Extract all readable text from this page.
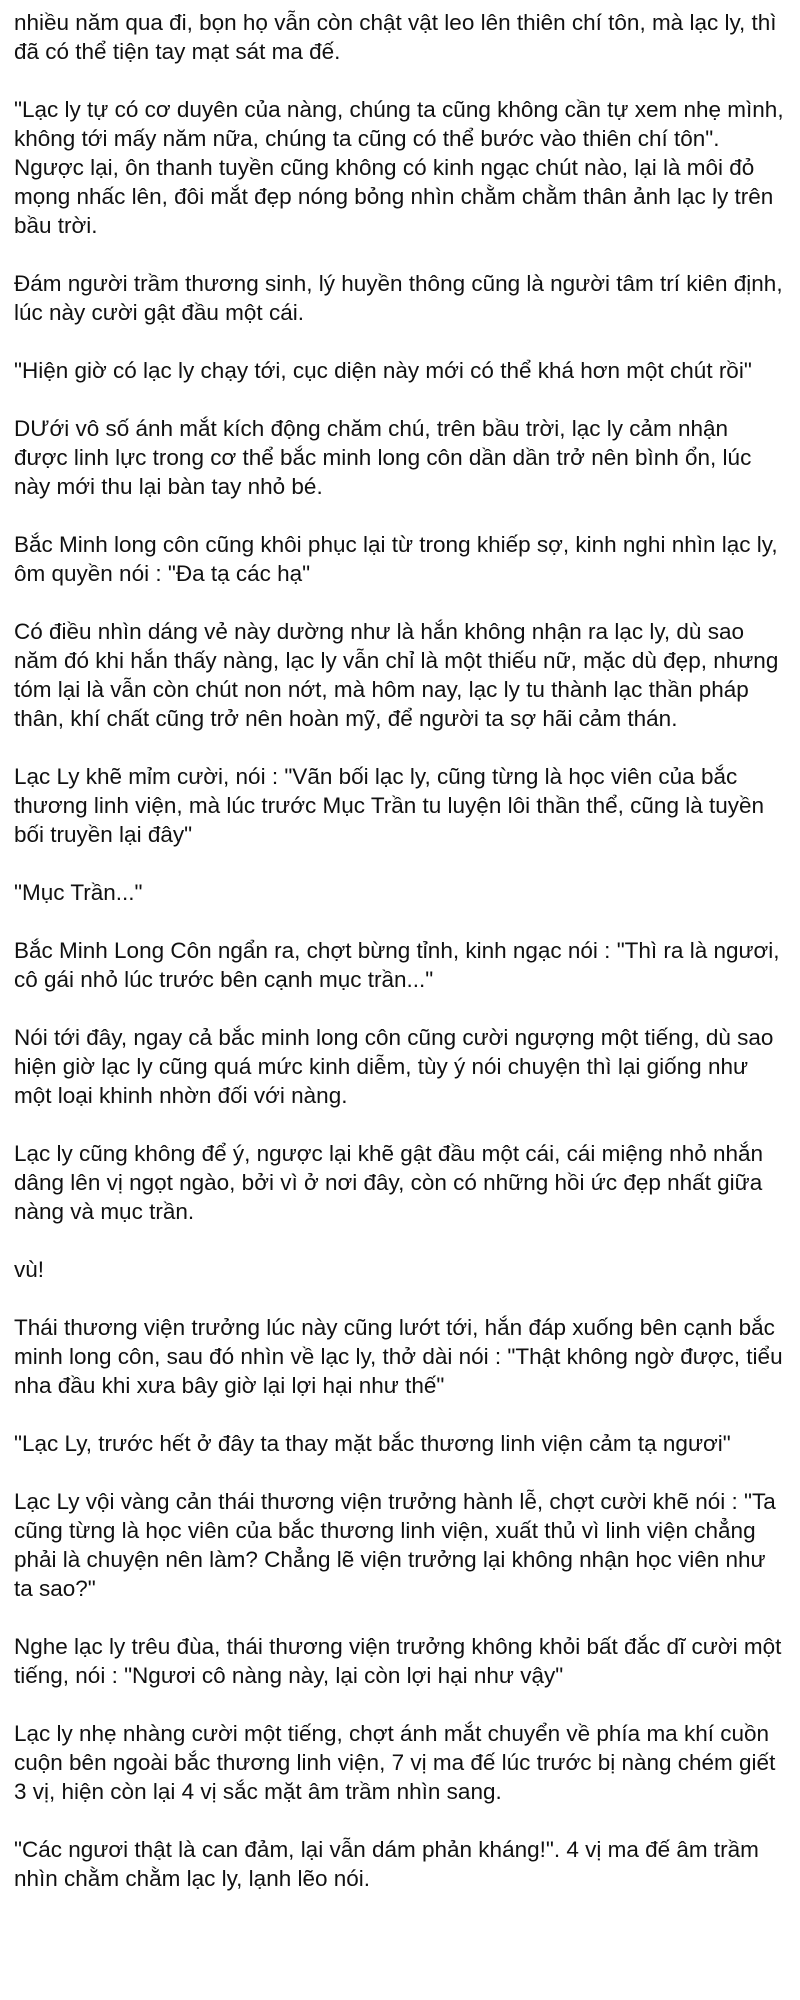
nhiều năm qua đi, bọn họ vẫn còn chật vật leo lên thiên chí tôn, mà lạc ly, thì đã có thể tiện tay mạt sát ma đế.

"Lạc ly tự có cơ duyên của nàng, chúng ta cũng không cần tự xem nhẹ mình, không tới mấy năm nữa, chúng ta cũng có thể bước vào thiên chí tôn". Ngược lại, ôn thanh tuyền cũng không có kinh ngạc chút nào, lại là môi đỏ mọng nhấc lên, đôi mắt đẹp nóng bỏng nhìn chằm chằm thân ảnh lạc ly trên bầu trời.

Đám người trầm thương sinh, lý huyền thông cũng là người tâm trí kiên định, lúc này cười gật đầu một cái.

"Hiện giờ có lạc ly chạy tới, cục diện này mới có thể khá hơn một chút rồi"

DƯới vô số ánh mắt kích động chăm chú, trên bầu trời, lạc ly cảm nhận được linh lực trong cơ thể bắc minh long côn dần dần trở nên bình ổn, lúc này mới thu lại bàn tay nhỏ bé.

Bắc Minh long côn cũng khôi phục lại từ trong khiếp sợ, kinh nghi nhìn lạc ly, ôm quyền nói : "Đa tạ các hạ"

Có điều nhìn dáng vẻ này dường như là hắn không nhận ra lạc ly, dù sao năm đó khi hắn thấy nàng, lạc ly vẫn chỉ là một thiếu nữ, mặc dù đẹp, nhưng tóm lại là vẫn còn chút non nớt, mà hôm nay, lạc ly tu thành lạc thần pháp thân, khí chất cũng trở nên hoàn mỹ, để người ta sợ hãi cảm thán.

Lạc Ly khẽ mỉm cười, nói : "Vãn bối lạc ly, cũng từng là học viên của bắc thương linh viện, mà lúc trước Mục Trần tu luyện lôi thần thể, cũng là tuyền bối truyền lại đây"

"Mục Trần..."

Bắc Minh Long Côn ngẩn ra, chợt bừng tỉnh, kinh ngạc nói : "Thì ra là ngươi, cô gái nhỏ lúc trước bên cạnh mục trần..."

Nói tới đây, ngay cả bắc minh long côn cũng cười ngượng một tiếng, dù sao hiện giờ lạc ly cũng quá mức kinh diễm, tùy ý nói chuyện thì lại giống như một loại khinh nhờn đối với nàng.

Lạc ly cũng không để ý, ngược lại khẽ gật đầu một cái, cái miệng nhỏ nhắn dâng lên vị ngọt ngào, bởi vì ở nơi đây, còn có những hồi ức đẹp nhất giữa nàng và mục trần.

vù!

Thái thương viện trưởng lúc này cũng lướt tới, hắn đáp xuống bên cạnh bắc minh long côn, sau đó nhìn về lạc ly, thở dài nói : "Thật không ngờ được, tiểu nha đầu khi xưa bây giờ lại lợi hại như thế"

"Lạc Ly, trước hết ở đây ta thay mặt bắc thương linh viện cảm tạ ngươi"

Lạc Ly vội vàng cản thái thương viện trưởng hành lễ, chợt cười khẽ nói : "Ta cũng từng là học viên của bắc thương linh viện, xuất thủ vì linh viện chẳng phải là chuyện nên làm? Chẳng lẽ viện trưởng lại không nhận học viên như ta sao?"

Nghe lạc ly trêu đùa, thái thương viện trưởng không khỏi bất đắc dĩ cười một tiếng, nói : "Ngươi cô nàng này, lại còn lợi hại như vậy"

Lạc ly nhẹ nhàng cười một tiếng, chợt ánh mắt chuyển về phía ma khí cuồn cuộn bên ngoài bắc thương linh viện, 7 vị ma đế lúc trước bị nàng chém giết 3 vị, hiện còn lại 4 vị sắc mặt âm trầm nhìn sang.

"Các ngươi thật là can đảm, lại vẫn dám phản kháng!". 4 vị ma đế âm trầm nhìn chằm chằm lạc ly, lạnh lẽo nói.
